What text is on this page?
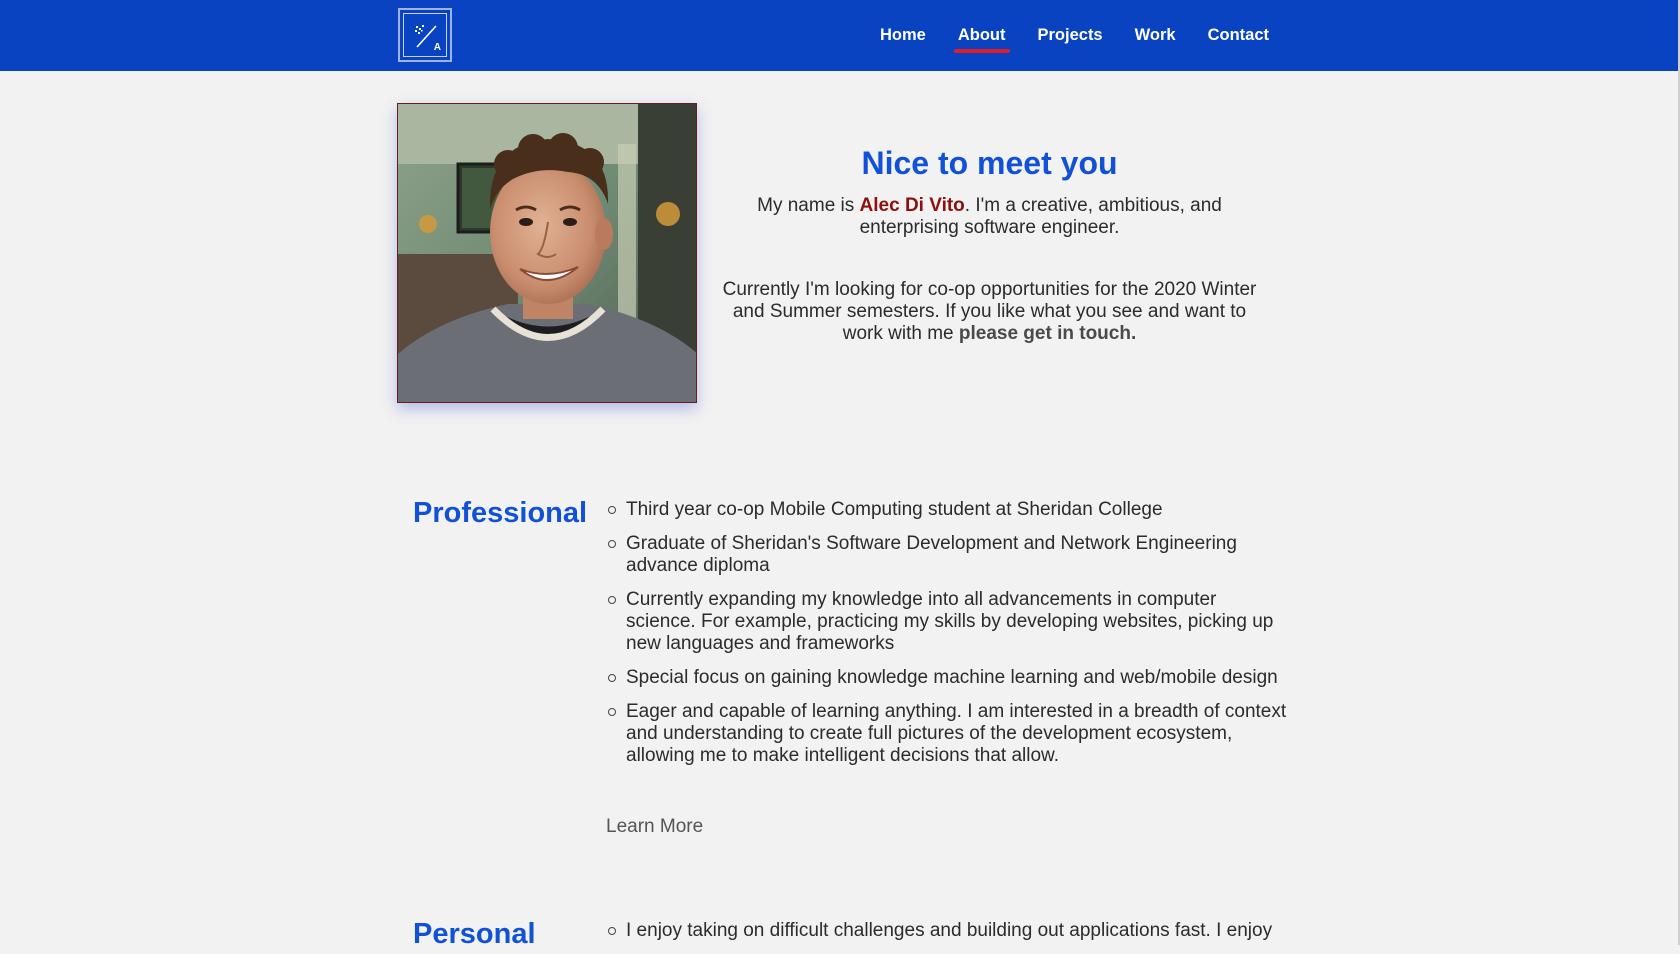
A
Home About Projects Work Contact
Nice to meet you

My name is Alec Di Vito. I'm a creative, ambitious, and enterprising software engineer.

Currently I'm looking for co-op opportunities for the 2020 Winter and Summer semesters. If you like what you see and want to work with me please get in touch.

Professional	Third year co-op Mobile Computing student at Sheridan College
Graduate of Sheridan's Software Development and Network Engineering advance diploma
Currently expanding my knowledge into all advancements in computer science. For example, practicing my skills by developing websites, picking up new languages and frameworks
Special focus on gaining knowledge machine learning and web/mobile design
Eager and capable of learning anything. I am interested in a breadth of context and understanding to create full pictures of the development ecosystem, allowing me to make intelligent decisions that allow.
Learn More
Personal	I enjoy taking on difficult challenges and building out applications fast. I enjoy
